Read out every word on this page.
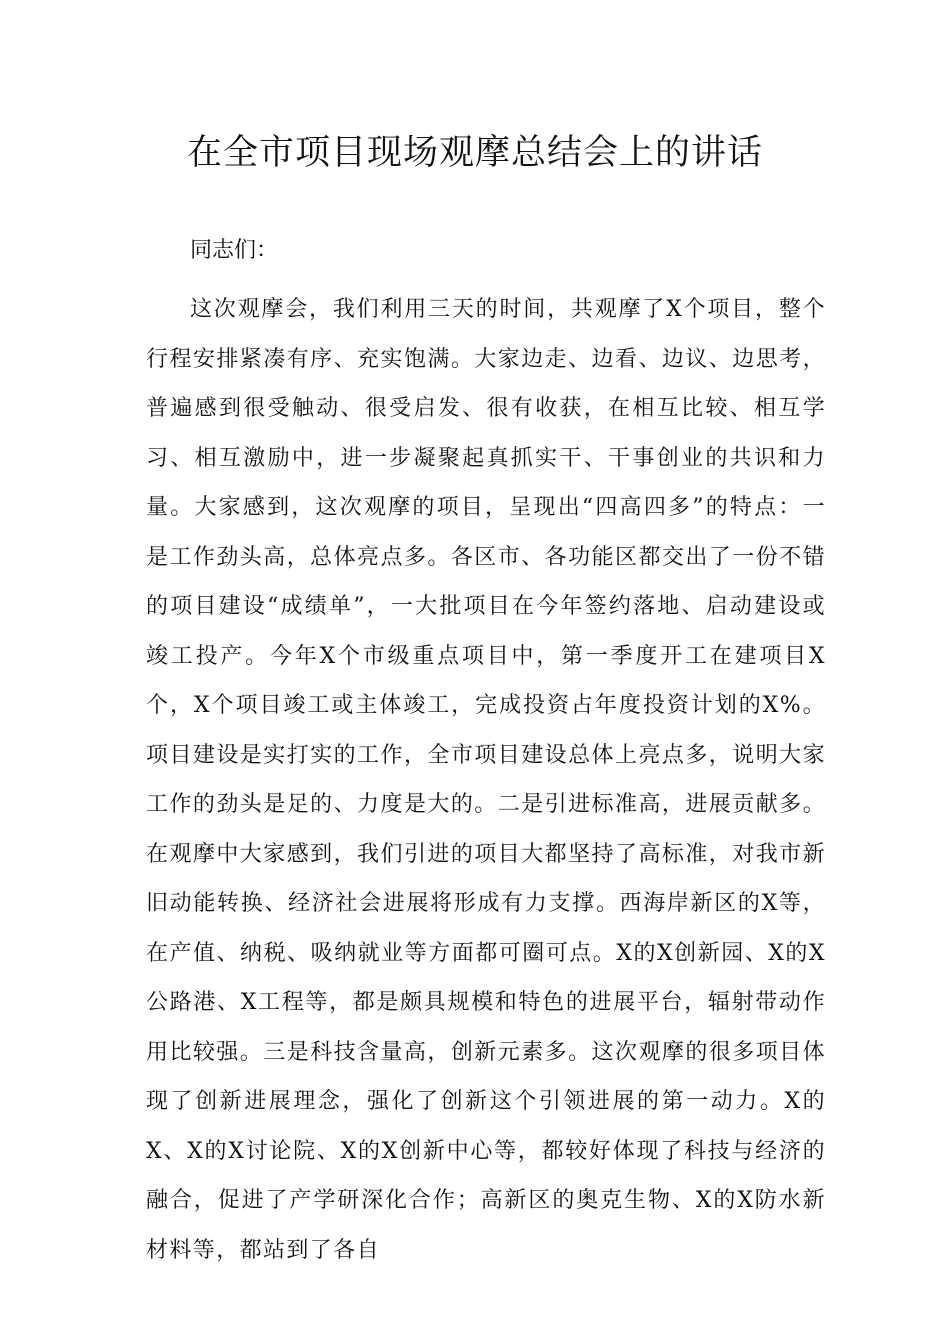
在全市项目现场观摩总结会上的讲话

同志们：

这次观摩会，我们利用三天的时间，共观摩了X个项目，整个行程安排紧凑有序、充实饱满。大家边走、边看、边议、边思考，普遍感到很受触动、很受启发、很有收获，在相互比较、相互学习、相互激励中，进一步凝聚起真抓实干、干事创业的共识和力量。大家感到，这次观摩的项目，呈现出“四高四多”的特点：一是工作劲头高，总体亮点多。各区市、各功能区都交出了一份不错的项目建设“成绩单”，一大批项目在今年签约落地、启动建设或竣工投产。今年X个市级重点项目中，第一季度开工在建项目X个，X个项目竣工或主体竣工，完成投资占年度投资计划的X%。项目建设是实打实的工作，全市项目建设总体上亮点多，说明大家工作的劲头是足的、力度是大的。二是引进标准高，进展贡献多。在观摩中大家感到，我们引进的项目大都坚持了高标准，对我市新旧动能转换、经济社会进展将形成有力支撑。西海岸新区的X等，在产值、纳税、吸纳就业等方面都可圈可点。X的X创新园、X的X公路港、X工程等，都是颇具规模和特色的进展平台，辐射带动作用比较强。三是科技含量高，创新元素多。这次观摩的很多项目体现了创新进展理念，强化了创新这个引领进展的第一动力。X的X、X的X讨论院、X的X创新中心等，都较好体现了科技与经济的融合，促进了产学研深化合作；高新区的奥克生物、X的X防水新材料等，都站到了各自
